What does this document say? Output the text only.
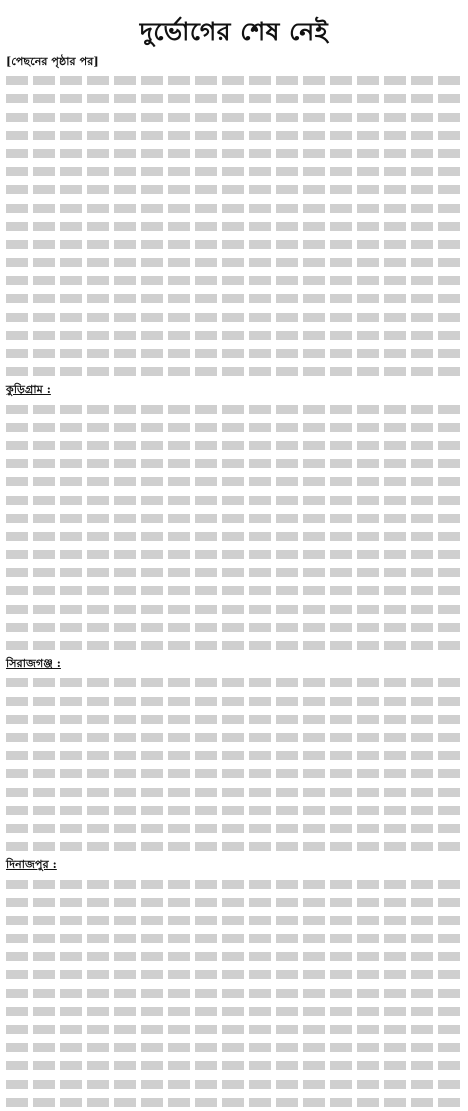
দুর্ভোগের শেষ নেই

[পেছনের পৃষ্ঠার পর]

কুড়িগ্রাম :

সিরাজগঞ্জ :

দিনাজপুর :
